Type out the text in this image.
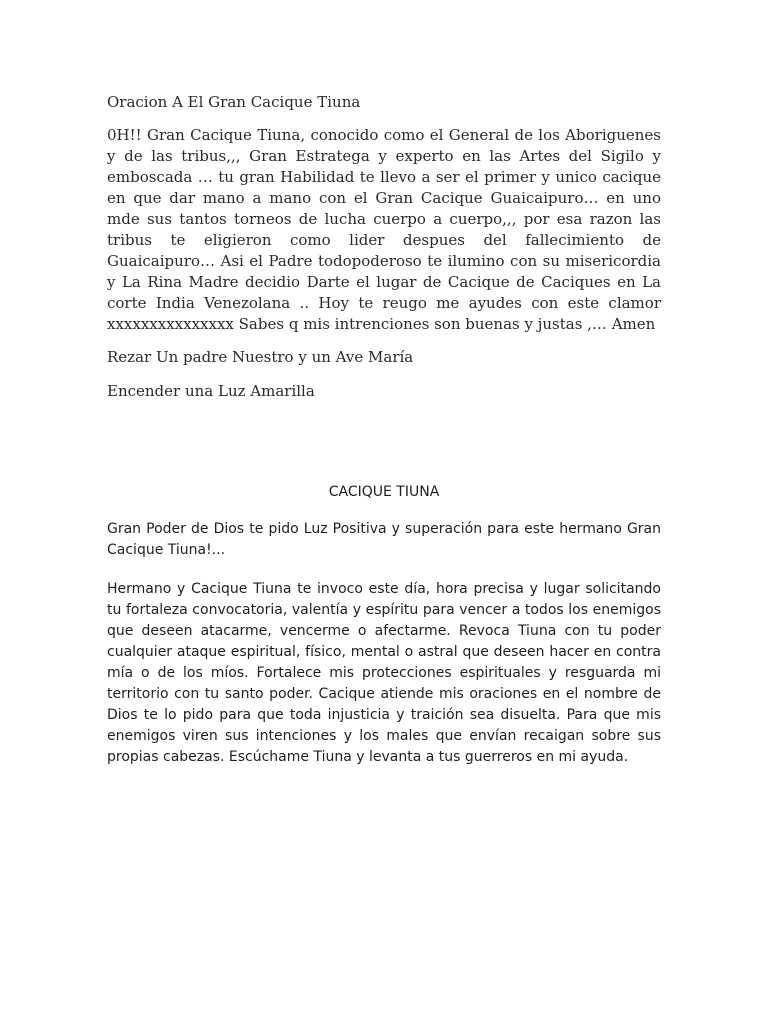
Oracion A El Gran Cacique Tiuna

0H!! Gran Cacique Tiuna, conocido como el General de los Aboriguenes y de las tribus,,, Gran Estratega y experto en las Artes del Sigilo y emboscada … tu gran Habilidad te llevo a ser el primer y unico cacique en que dar mano a mano con el Gran Cacique Guaicaipuro… en uno mde sus tantos torneos de lucha cuerpo a cuerpo,,, por esa razon las tribus te eligieron como lider despues del fallecimiento de Guaicaipuro… Asi el Padre todopoderoso te ilumino con su misericordia y La Rina Madre decidio Darte el lugar de Cacique de Caciques en La corte India Venezolana .. Hoy te reugo me ayudes con este clamor xxxxxxxxxxxxxxx Sabes q mis intrenciones son buenas y justas ,… Amen

Rezar Un padre Nuestro y un Ave María

Encender una Luz Amarilla

CACIQUE TIUNA

Gran Poder de Dios te pido Luz Positiva y superación para este hermano Gran Cacique Tiuna!...

Hermano y Cacique Tiuna te invoco este día, hora precisa y lugar solicitando tu fortaleza convocatoria, valentía y espíritu para vencer a todos los enemigos que deseen atacarme, vencerme o afectarme. Revoca Tiuna con tu poder cualquier ataque espiritual, físico, mental o astral que deseen hacer en contra mía o de los míos. Fortalece mis protecciones espirituales y resguarda mi territorio con tu santo poder. Cacique atiende mis oraciones en el nombre de Dios te lo pido para que toda injusticia y traición sea disuelta. Para que mis enemigos viren sus intenciones y los males que envían recaigan sobre sus propias cabezas. Escúchame Tiuna y levanta a tus guerreros en mi ayuda.
